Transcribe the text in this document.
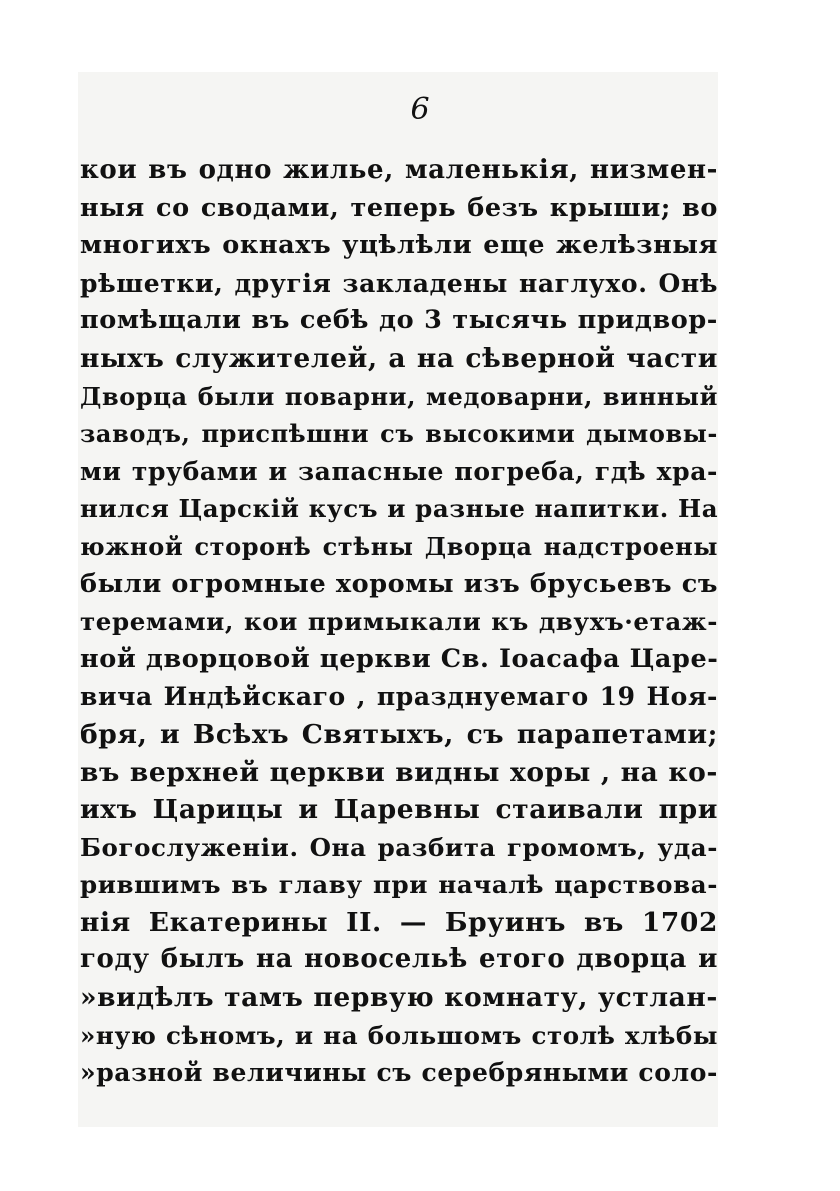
6
кои въ одно жилье, маленькія, низмен-
ныя со сводами, теперь безъ крыши; во
многихъ окнахъ уцѣлѣли еще желѣзныя
рѣшетки, другія закладены наглухо. Онѣ
помѣщали въ себѣ до 3 тысячь придвор-
ныхъ служителей, а на сѣверной части
Дворца были поварни, медоварни, винный
заводъ, приспѣшни съ высокими дымовы-
ми трубами и запасные погреба, гдѣ хра-
нился Царскій кусъ и разные напитки. На
южной сторонѣ стѣны Дворца надстроены
были огромные хоромы изъ брусьевъ съ
теремами, кои примыкали къ двухъ·етаж-
ной дворцовой церкви Св. Іоасафа Царе-
вича Индѣйскаго , празднуемаго 19 Ноя-
бря, и Всѣхъ Святыхъ, съ парапетами;
въ верхней церкви видны хоры , на ко-
ихъ Царицы и Царевны стаивали при
Богослуженіи. Она разбита громомъ, уда-
рившимъ въ главу при началѣ царствова-
нія Екатерины II. — Бруинъ въ 1702
году былъ на новосельѣ етого дворца и
»видѣлъ тамъ первую комнату, устлан-
»ную сѣномъ, и на большомъ столѣ хлѣбы
»разной величины съ серебряными соло-
